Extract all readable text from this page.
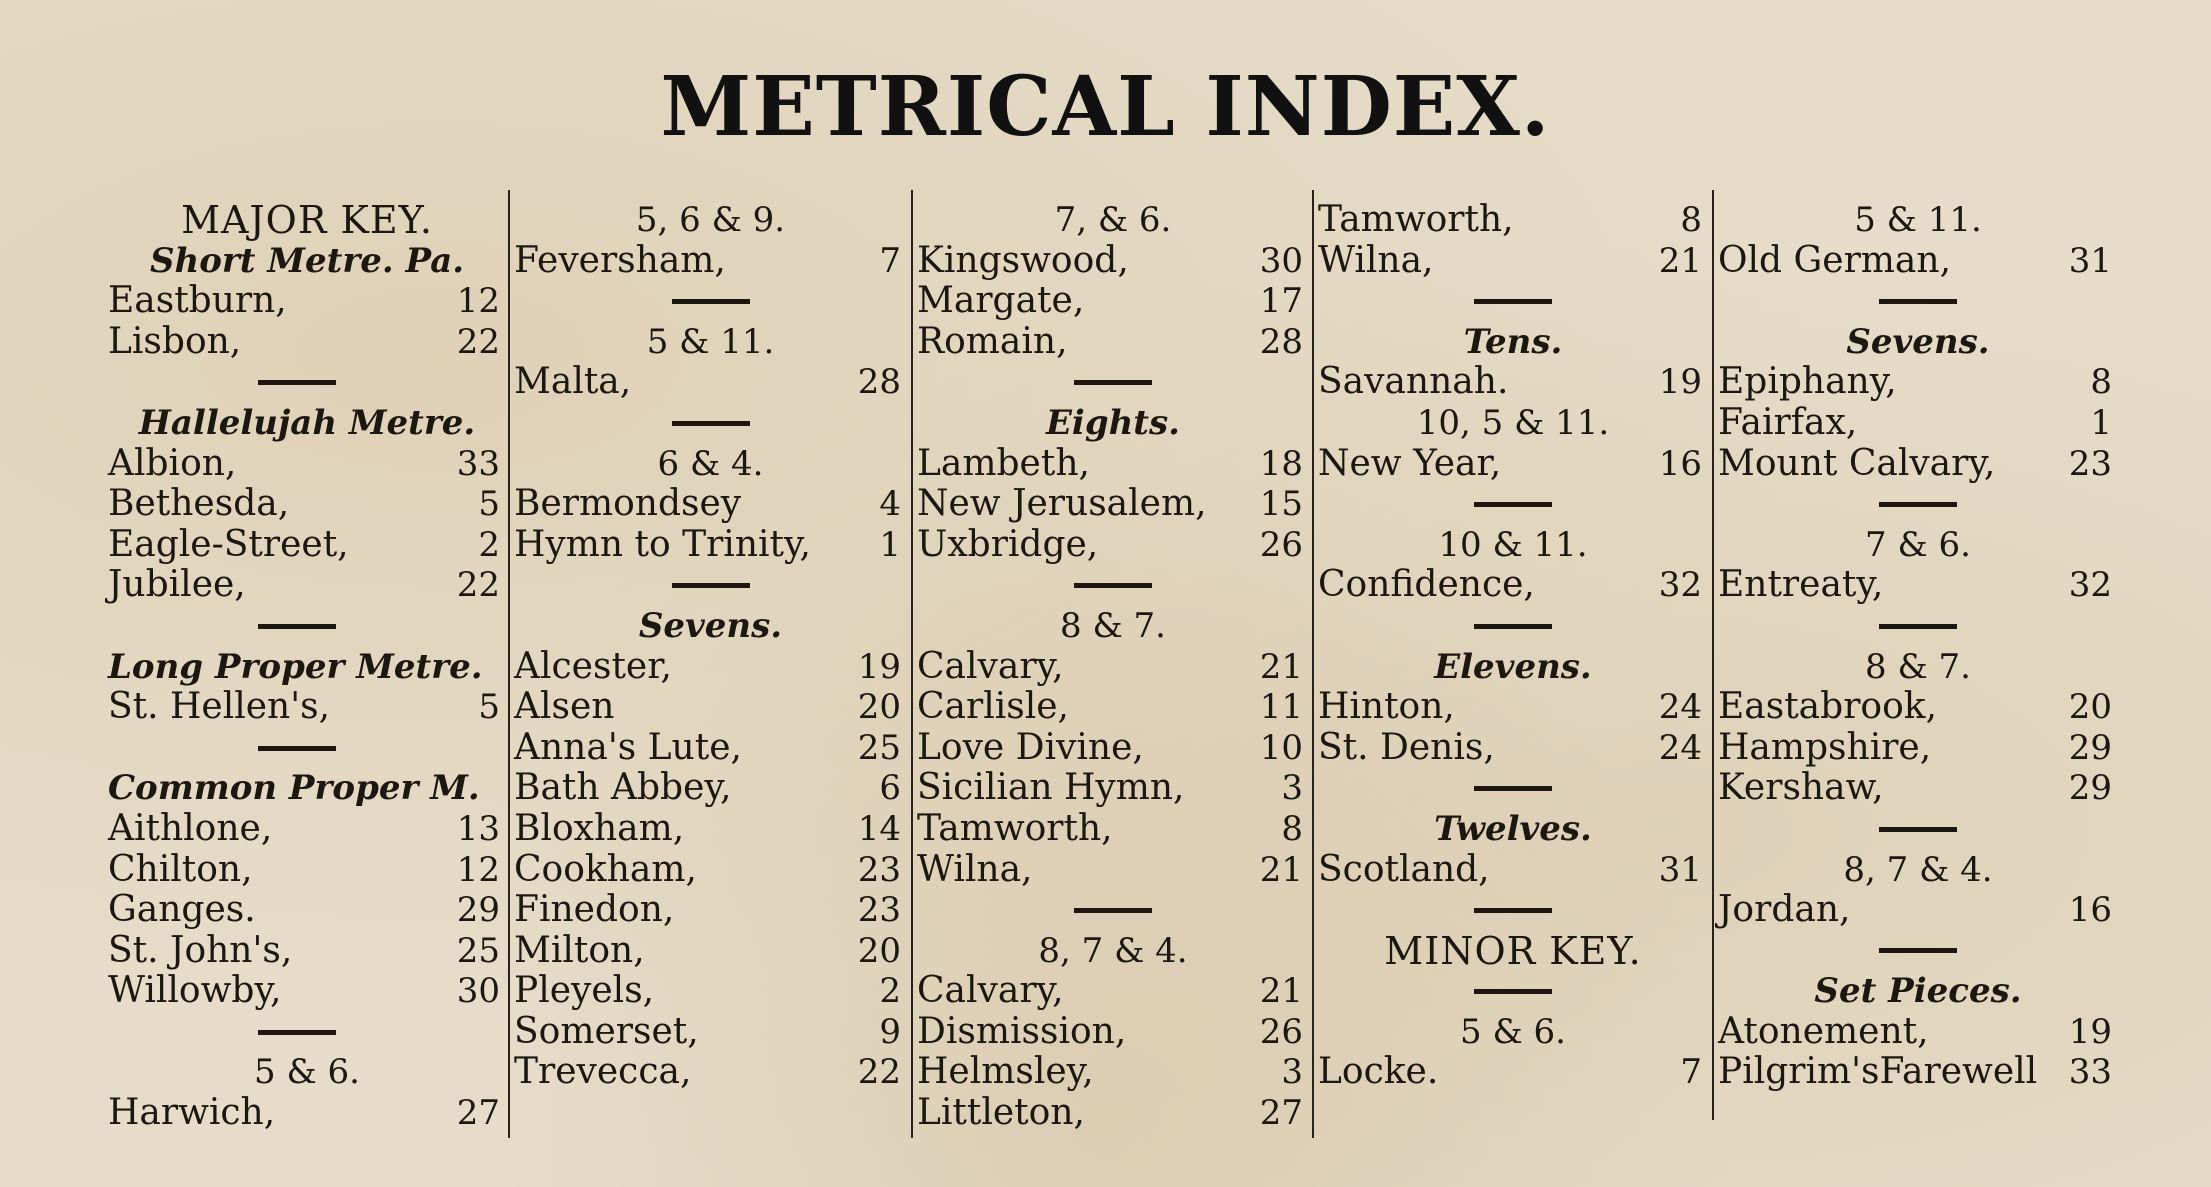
METRICAL INDEX.
MAJOR KEY.
Short Metre. Pa.
Eastburn,	12
Lisbon,	22
Hallelujah Metre.
Albion,	33
Bethesda,	5
Eagle-Street,	2
Jubilee,	22
Long Proper Metre.
St. Hellen's,	5
Common Proper M.
Aithlone,	13
Chilton,	12
Ganges.	29
St. John's,	25
Willowby,	30
5 & 6.
Harwich,	27
5, 6 & 9.
Feversham,	7
5 & 11.
Malta,	28
6 & 4.
Bermondsey	4
Hymn to Trinity, 1
Sevens.
Alcester,	19
Alsen	20
Anna's Lute,	25
Bath Abbey,	6
Bloxham,	14
Cookham,	23
Finedon,	23
Milton,	20
Pleyels,	2
Somerset,	9
Trevecca,	22
7, & 6.
Kingswood,	30
Margate,	17
Romain,	28
Eights.
Lambeth,	18
New Jerusalem, 15
Uxbridge,	26
8 & 7.
Calvary,	21
Carlisle,	11
Love Divine,	10
Sicilian Hymn,	3
Tamworth,	8
Wilna,	21
8, 7 & 4.
Calvary,	21
Dismission,	26
Helmsley,	3
Littleton,	27
Tamworth,	8
Wilna,	21
Tens.
Savannah.	19
10, 5 & 11.
New Year,	16
10 & 11.
Confidence,	32
Elevens.
Hinton,	24
St. Denis,	24
Twelves.
Scotland,	31
MINOR KEY.
5 & 6.
Locke.	7
5 & 11.
Old German,	31
Sevens.
Epiphany,	8
Fairfax,	1
Mount Calvary, 23
7 & 6.
Entreaty,	32
8 & 7.
Eastabrook,	20
Hampshire,	29
Kershaw,	29
8, 7 & 4.
Jordan,	16
Set Pieces.
Atonement,	19
Pilgrim'sFarewell 33
